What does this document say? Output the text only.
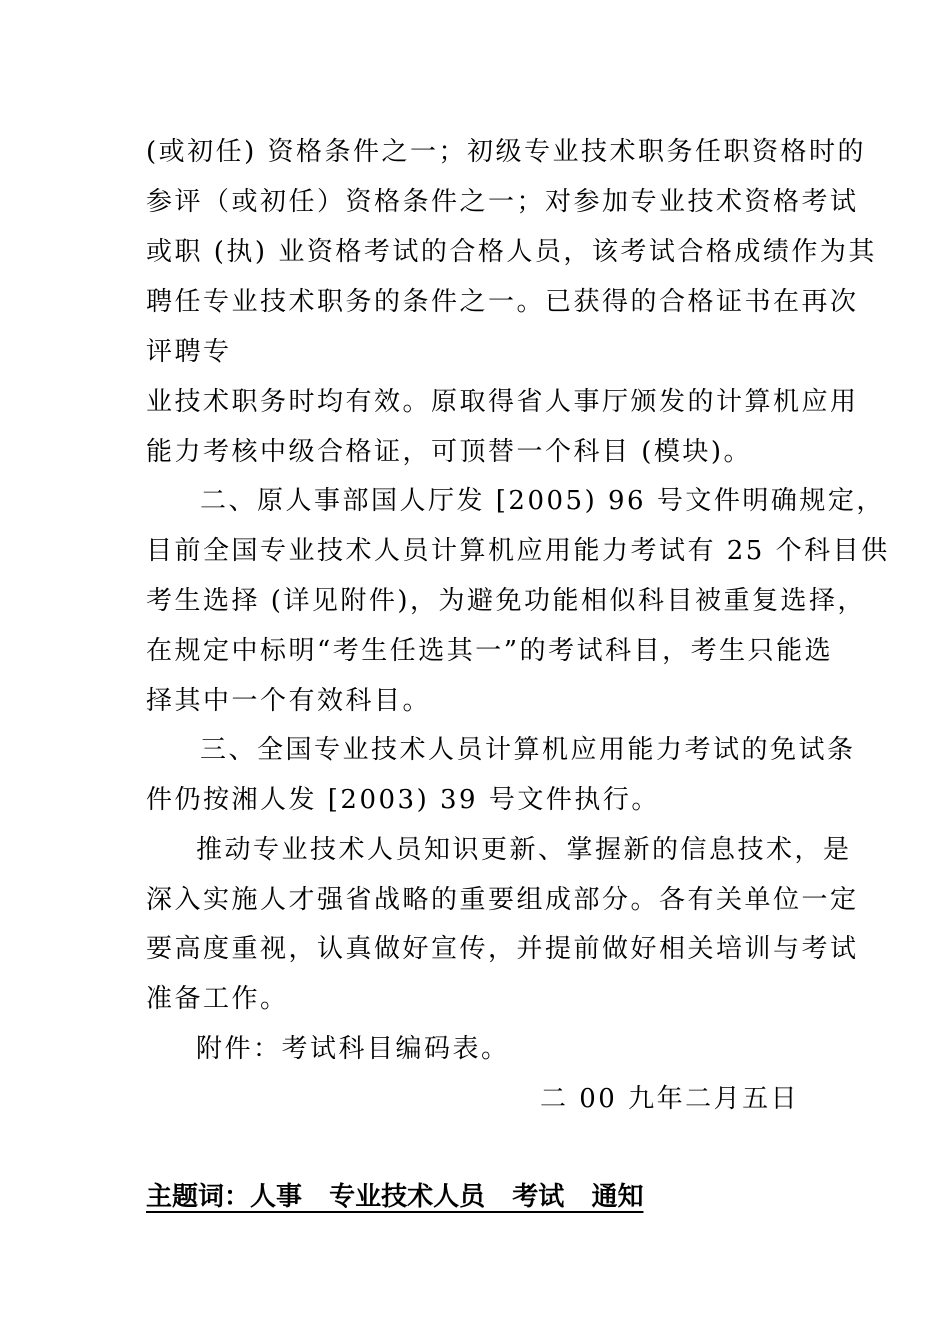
(或初任) 资格条件之一；初级专业技术职务任职资格时的
参评（或初任）资格条件之一；对参加专业技术资格考试
或职 (执) 业资格考试的合格人员，该考试合格成绩作为其
聘任专业技术职务的条件之一。已获得的合格证书在再次
评聘专
业技术职务时均有效。原取得省人事厅颁发的计算机应用
能力考核中级合格证，可顶替一个科目 (模块)。
二、原人事部国人厅发 [2005) 96 号文件明确规定，
目前全国专业技术人员计算机应用能力考试有 25 个科目供
考生选择 (详见附件)，为避免功能相似科目被重复选择，
在规定中标明“考生任选其一”的考试科目，考生只能选
择其中一个有效科目。
三、全国专业技术人员计算机应用能力考试的免试条
件仍按湘人发 [2003) 39 号文件执行。
推动专业技术人员知识更新、掌握新的信息技术，是
深入实施人才强省战略的重要组成部分。各有关单位一定
要高度重视，认真做好宣传，并提前做好相关培训与考试
准备工作。
附件：考试科目编码表。
二 00 九年二月五日
主题词：人事   专业技术人员   考试   通知
